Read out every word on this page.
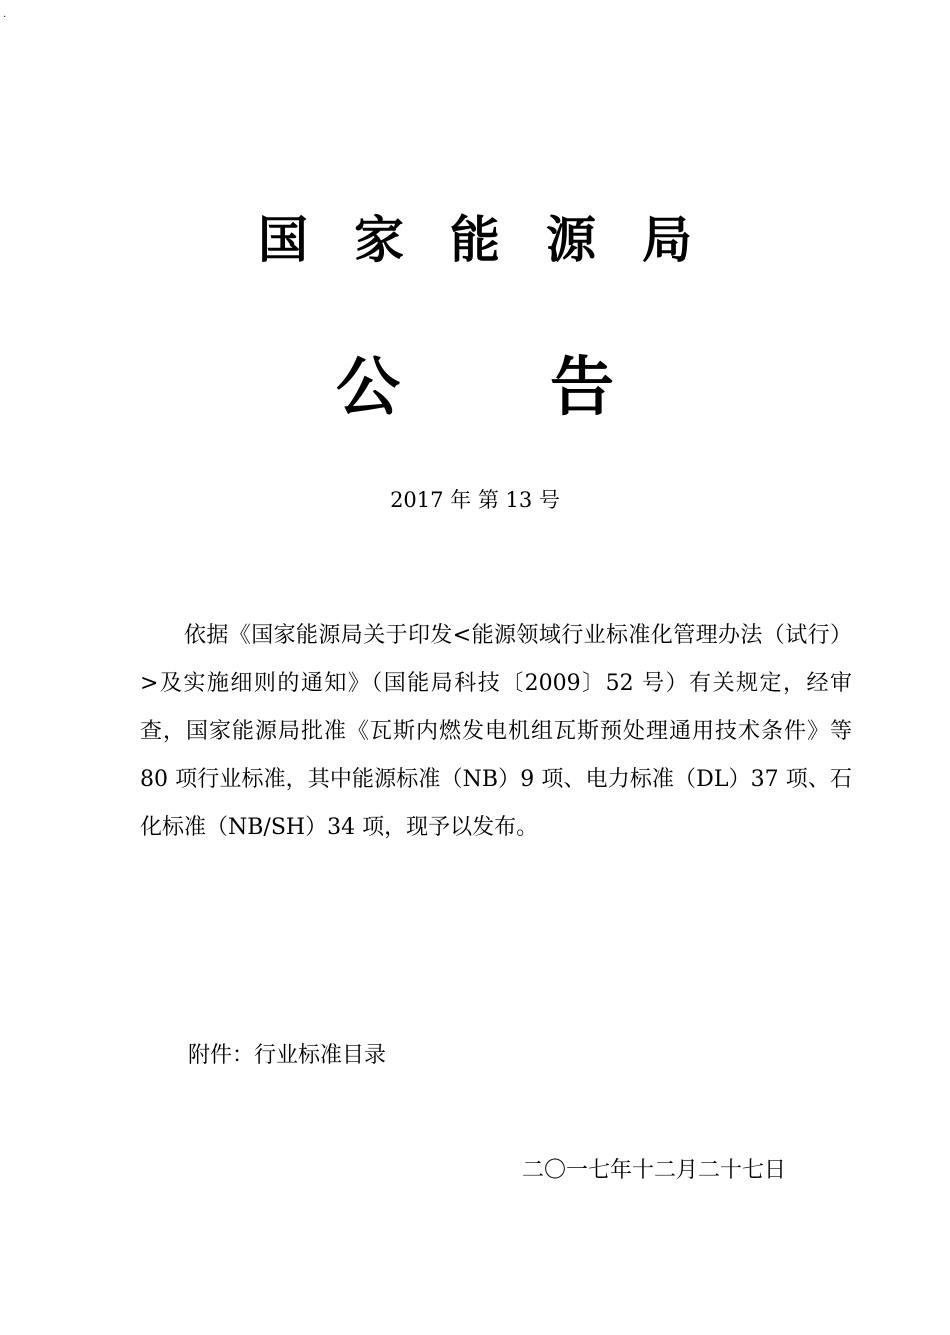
.
国家能源局
公告
2017 年 第 13 号
依据《国家能源局关于印发<能源领域行业标准化管理办法（试行）>及实施细则的通知》（国能局科技〔2009〕52 号）有关规定，经审查，国家能源局批准《瓦斯内燃发电机组瓦斯预处理通用技术条件》等 80 项行业标准，其中能源标准（NB）9 项、电力标准（DL）37 项、石化标准（NB/SH）34 项，现予以发布。
附件：行业标准目录
二〇一七年十二月二十七日
